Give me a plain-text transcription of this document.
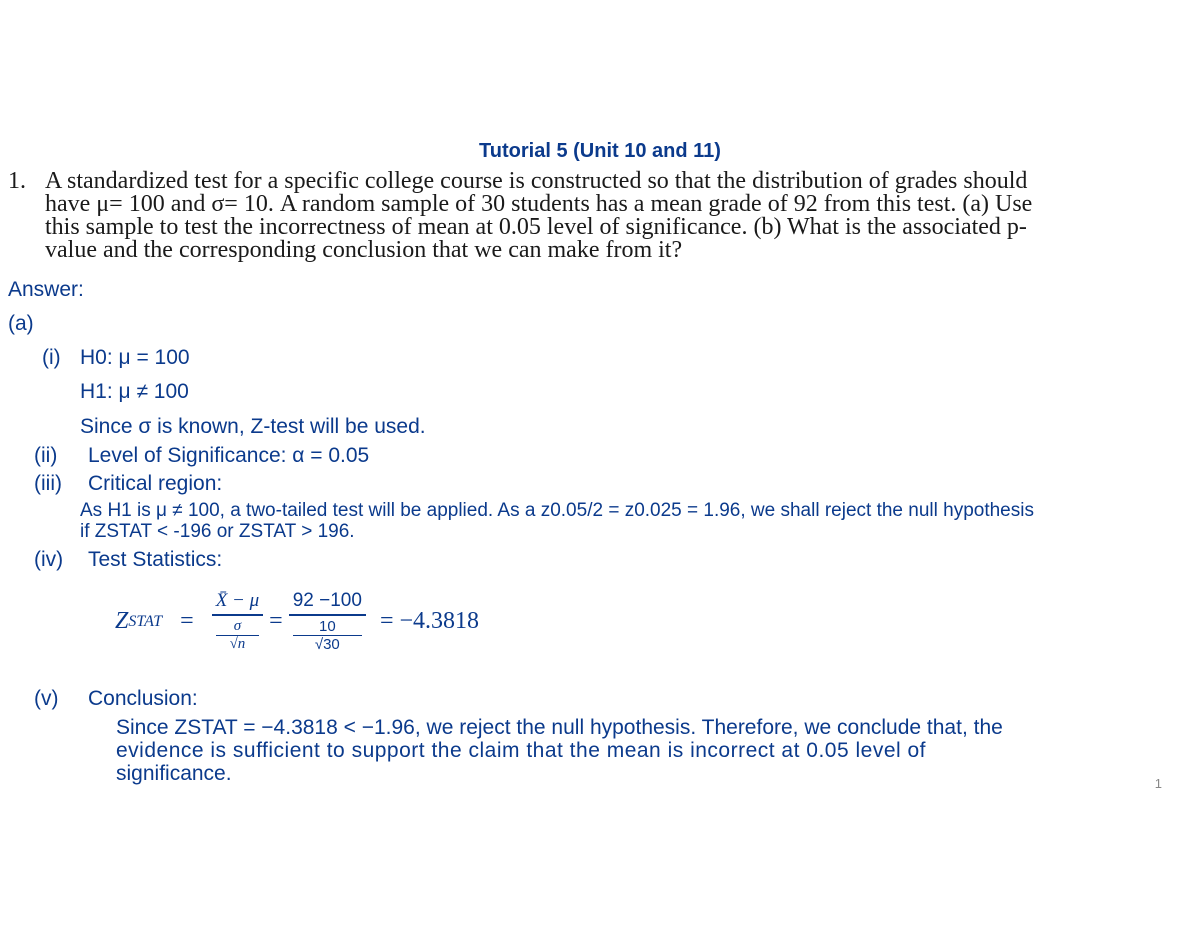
Tutorial 5 (Unit 10 and 11)
1. A standardized test for a specific college course is constructed so that the distribution of grades should
have μ= 100 and σ= 10. A random sample of 30 students has a mean grade of 92 from this test. (a) Use
this sample to test the incorrectness of mean at 0.05 level of significance. (b) What is the associated p-
value and the corresponding conclusion that we can make from it?
Answer:
(a)
(i) H0: μ = 100
H1: μ ≠ 100
Since σ is known, Z-test will be used.
(ii) Level of Significance: α = 0.05
(iii) Critical region:
As H1 is μ ≠ 100, a two-tailed test will be applied. As a z0.05/2 = z0.025 = 1.96, we shall reject the null hypothesis
if ZSTAT < -196 or ZSTAT > 196.
(iv) Test Statistics:
Z STAT = X̄ − μ
σ
√n = 92 −100
10
√30 = −4.3818
(v) Conclusion:
Since ZSTAT = −4.3818 < −1.96, we reject the null hypothesis. Therefore, we conclude that, the
evidence is sufficient to support the claim that the mean is incorrect at 0.05 level of
significance.	1
